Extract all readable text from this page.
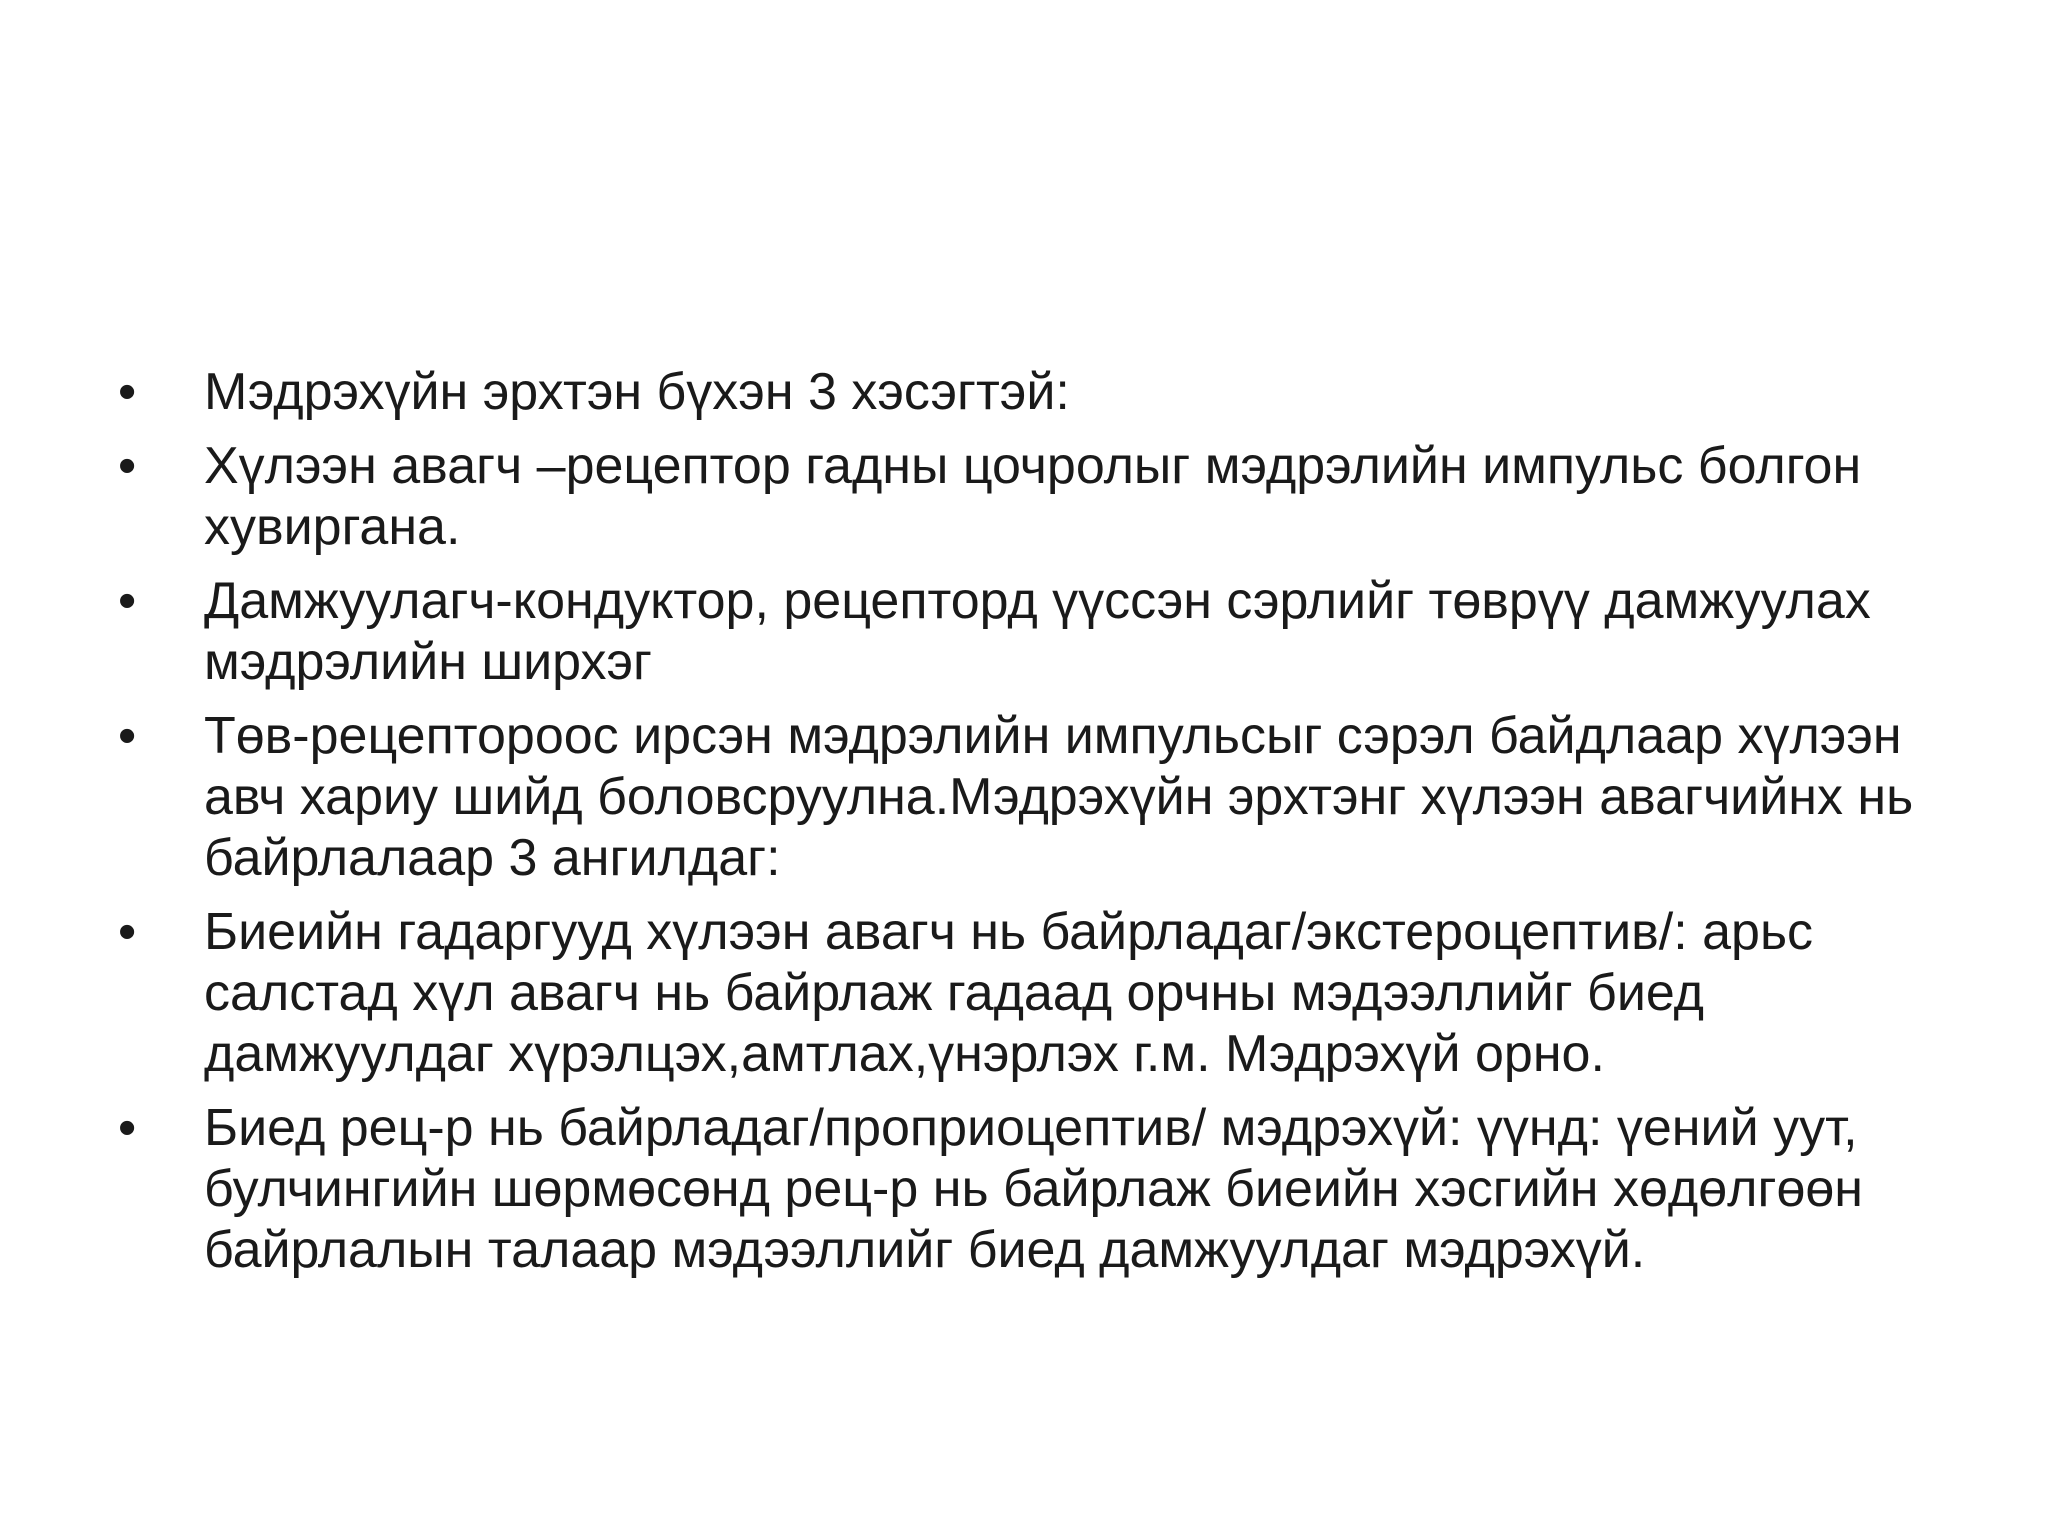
•	Мэдрэхүйн эрхтэн бүхэн 3 хэсэгтэй:
•	Хүлээн авагч –рецептор гадны цочролыг мэдрэлийн импульс болгон хувиргана.
•	Дамжуулагч-кондуктор, рецепторд үүссэн сэрлийг төврүү дамжуулах мэдрэлийн ширхэг
•	Төв-рецептороос ирсэн мэдрэлийн импульсыг сэрэл байдлаар хүлээн авч хариу шийд боловсруулна.Мэдрэхүйн эрхтэнг хүлээн авагчийнх нь байрлалаар 3 ангилдаг:
•	Биеийн гадаргууд хүлээн авагч нь байрладаг/экстероцептив/: арьс салстад хүл авагч нь байрлаж гадаад орчны мэдээллийг биед дамжуулдаг хүрэлцэх,амтлах,үнэрлэх г.м. Мэдрэхүй орно.
•	Биед рец-р нь байрладаг/проприоцептив/ мэдрэхүй: үүнд: үений уут, булчингийн шөрмөсөнд рец-р нь байрлаж биеийн хэсгийн хөдөлгөөн байрлалын талаар мэдээллийг биед дамжуулдаг мэдрэхүй.
